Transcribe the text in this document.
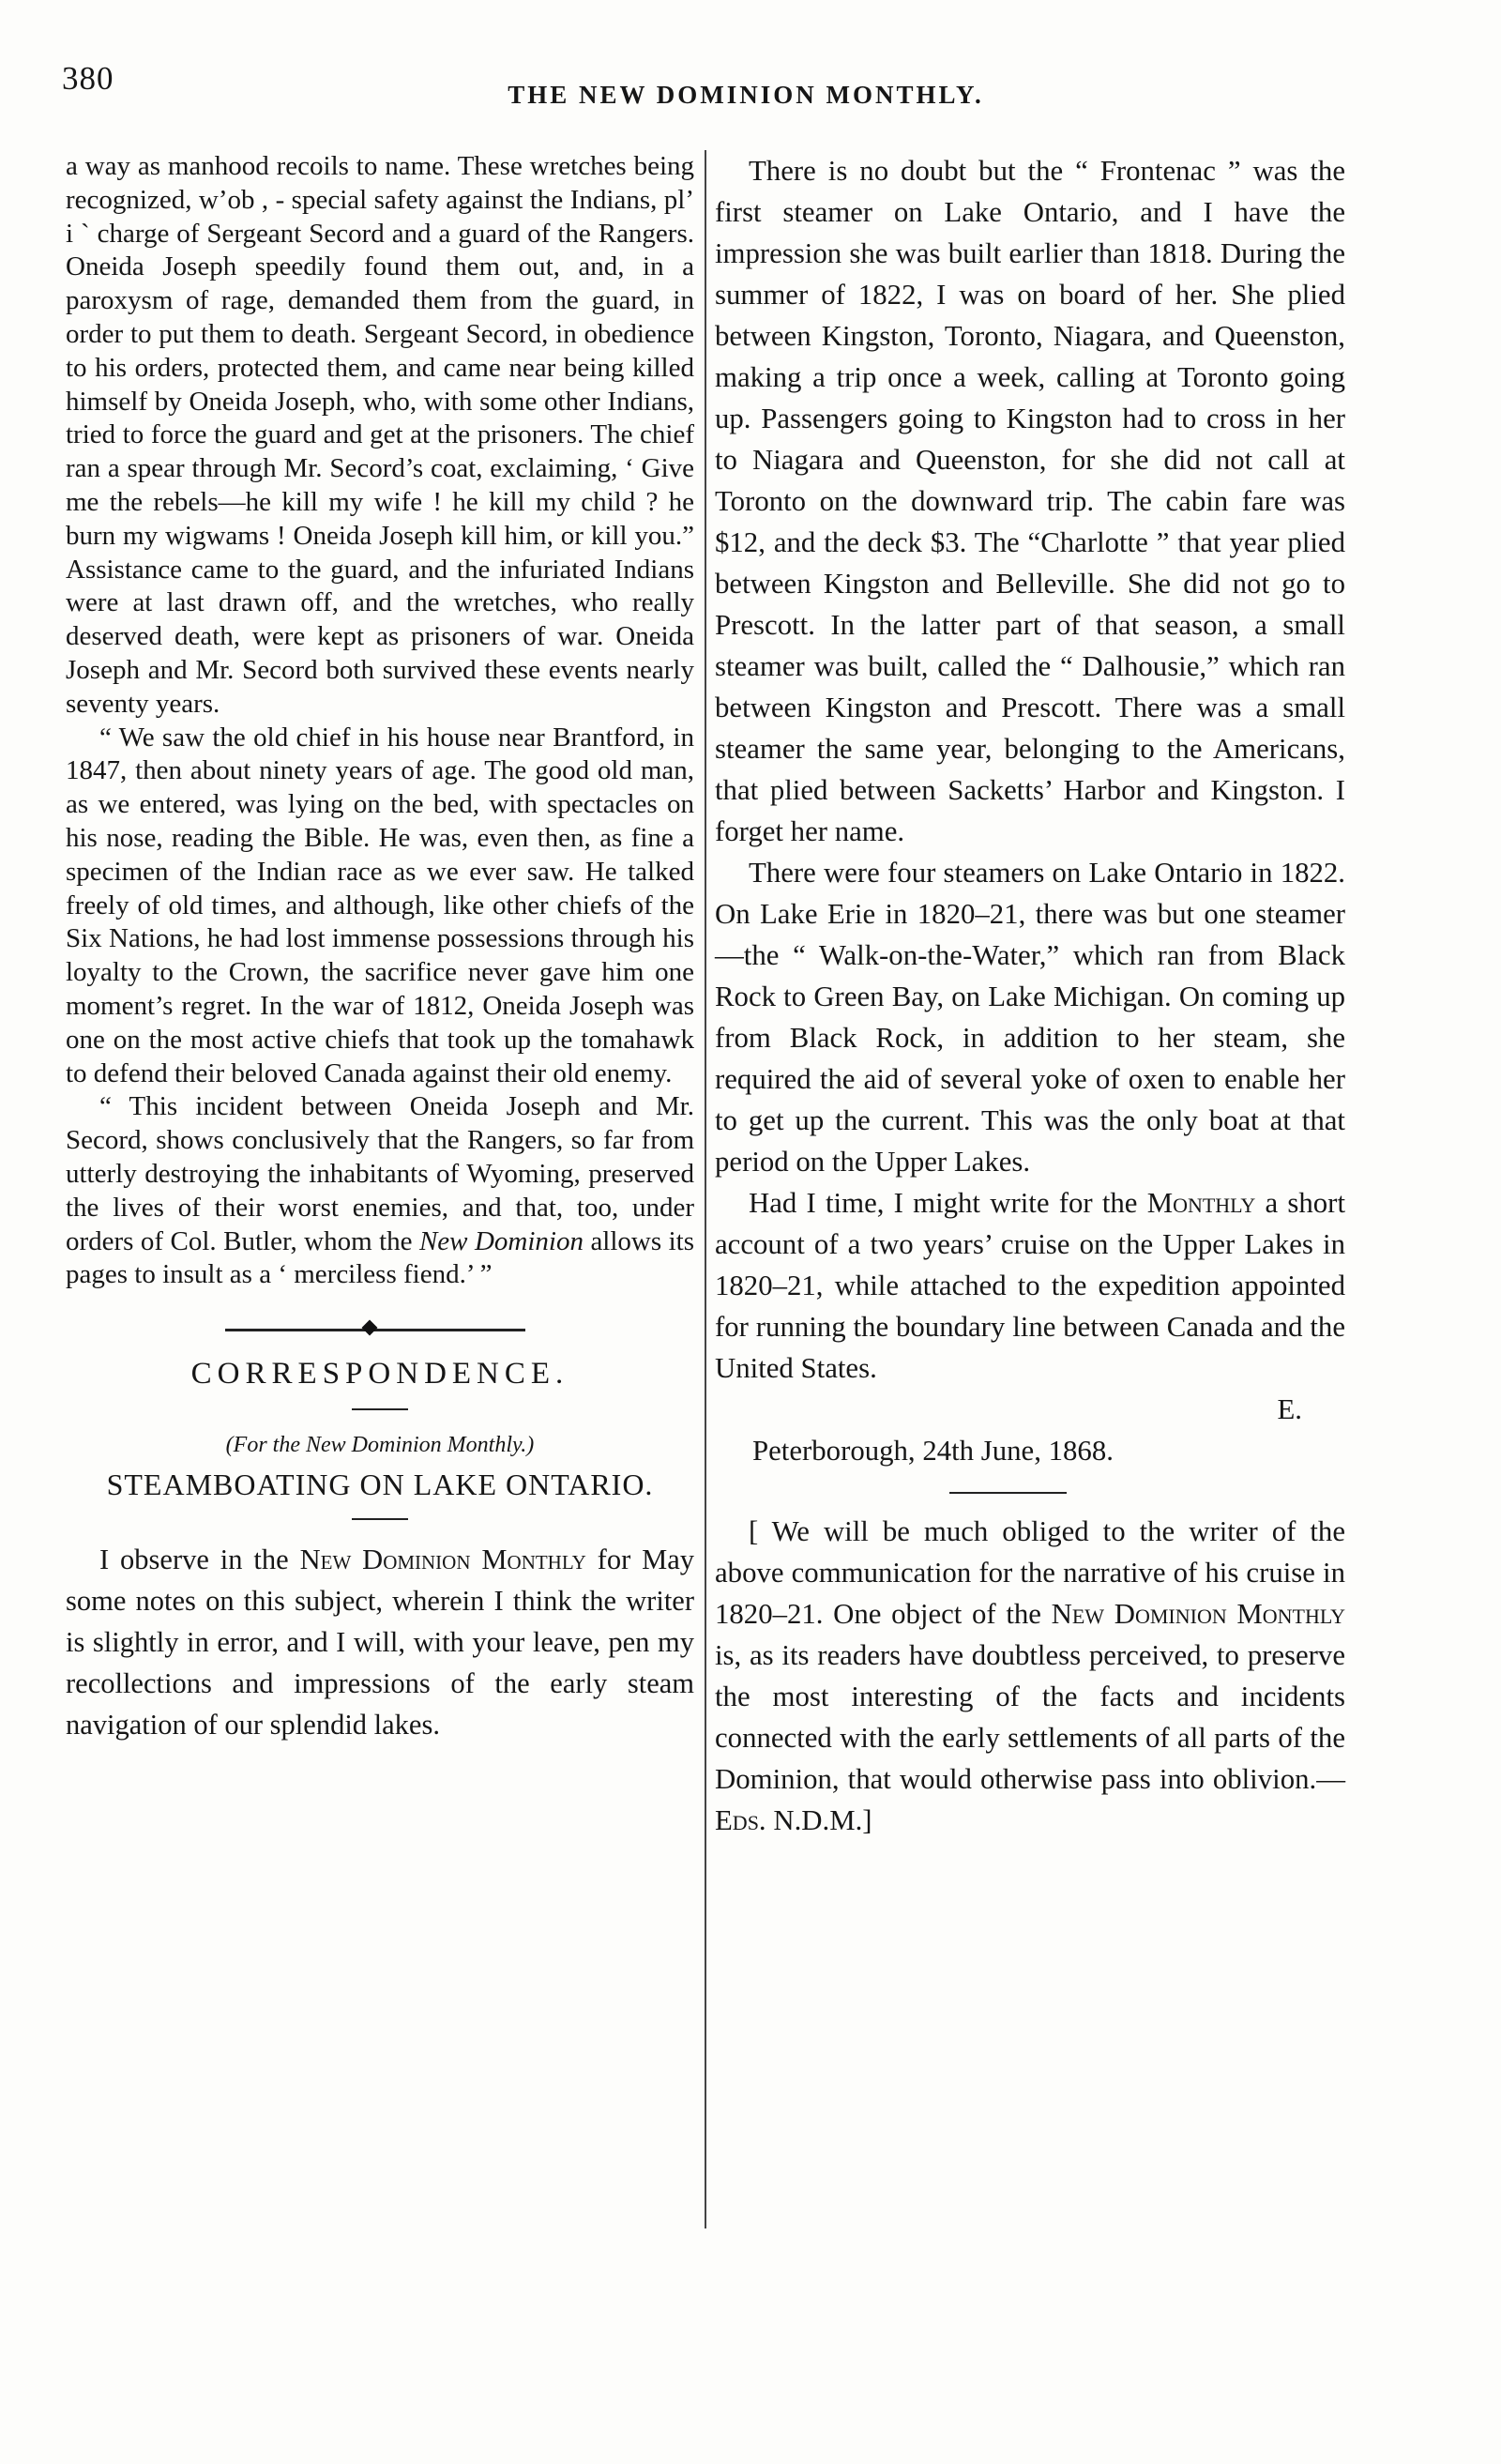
380	THE NEW DOMINION MONTHLY.

a way as manhood recoils to name. These wretches being recognized, w’ob , ‐ special safety against the Indians, pl’ i ` charge of Sergeant Secord and a guard of the Rangers. Oneida Joseph speedily found them out, and, in a paroxysm of rage, demanded them from the guard, in order to put them to death. Sergeant Secord, in obedience to his orders, protected them, and came near being killed himself by Oneida Joseph, who, with some other Indians, tried to force the guard and get at the prisoners. The chief ran a spear through Mr. Secord’s coat, exclaiming, ‘ Give me the rebels—he kill my wife ! he kill my child ? he burn my wigwams ! Oneida Joseph kill him, or kill you.” Assistance came to the guard, and the infuriated Indians were at last drawn off, and the wretches, who really deserved death, were kept as prisoners of war. Oneida Joseph and Mr. Secord both survived these events nearly seventy years.

“ We saw the old chief in his house near Brantford, in 1847, then about ninety years of age. The good old man, as we entered, was lying on the bed, with spectacles on his nose, reading the Bible. He was, even then, as fine a specimen of the Indian race as we ever saw. He talked freely of old times, and although, like other chiefs of the Six Nations, he had lost immense possessions through his loyalty to the Crown, the sacrifice never gave him one moment’s regret. In the war of 1812, Oneida Joseph was one on the most active chiefs that took up the tomahawk to defend their beloved Canada against their old enemy.

“ This incident between Oneida Joseph and Mr. Secord, shows conclusively that the Rangers, so far from utterly destroying the inhabitants of Wyoming, preserved the lives of their worst enemies, and that, too, under orders of Col. Butler, whom the New Dominion allows its pages to insult as a ‘ merciless fiend.’ ”

CORRESPONDENCE.
(For the New Dominion Monthly.)
STEAMBOATING ON LAKE ONTARIO.

I observe in the New Dominion Monthly for May some notes on this subject, wherein I think the writer is slightly in error, and I will, with your leave, pen my recollections and impressions of the early steam navigation of our splendid lakes.

There is no doubt but the “ Frontenac ” was the first steamer on Lake Ontario, and I have the impression she was built earlier than 1818. During the summer of 1822, I was on board of her. She plied between Kingston, Toronto, Niagara, and Queenston, making a trip once a week, calling at Toronto going up. Passengers going to Kingston had to cross in her to Niagara and Queenston, for she did not call at Toronto on the downward trip. The cabin fare was $12, and the deck $3. The “Charlotte ” that year plied between Kingston and Belleville. She did not go to Prescott. In the latter part of that season, a small steamer was built, called the “ Dalhousie,” which ran between Kingston and Prescott. There was a small steamer the same year, belonging to the Americans, that plied between Sacketts’ Harbor and Kingston. I forget her name.

There were four steamers on Lake Ontario in 1822. On Lake Erie in 1820–21, there was but one steamer—the “ Walk-on-the-Water,” which ran from Black Rock to Green Bay, on Lake Michigan. On coming up from Black Rock, in addition to her steam, she required the aid of several yoke of oxen to enable her to get up the current. This was the only boat at that period on the Upper Lakes.

Had I time, I might write for the Monthly a short account of a two years’ cruise on the Upper Lakes in 1820–21, while attached to the expedition appointed for running the boundary line between Canada and the United States.

E.

Peterborough, 24th June, 1868.

[ We will be much obliged to the writer of the above communication for the narrative of his cruise in 1820–21. One object of the New Dominion Monthly is, as its readers have doubtless perceived, to preserve the most interesting of the facts and incidents connected with the early settlements of all parts of the Dominion, that would otherwise pass into oblivion.—Eds. N.D.M.]
